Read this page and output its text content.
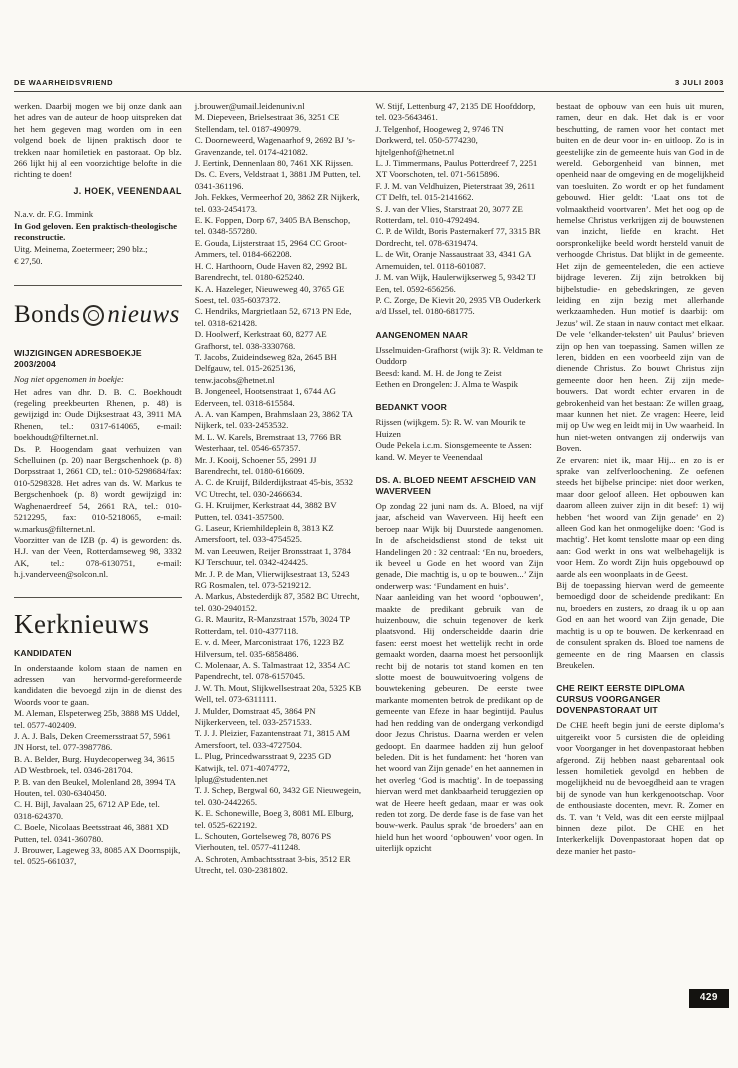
DE WAARHEIDSVRIEND	3 JULI 2003

werken. Daarbij mogen we bij onze dank aan het adres van de auteur de hoop uitspreken dat het hem gegeven mag worden om in een volgend boek de lijnen praktisch door te trekken naar homiletiek en pastoraat. Op blz. 266 lijkt hij al een voorzichtige belofte in die richting te doen!

J. HOEK, VEENENDAAL

N.a.v. dr. F.G. Immink

In God geloven. Een praktisch-theologische reconstructie.

Uitg. Meinema, Zoetermeer; 290 blz.;

€ 27,50.

Bonds nieuws
WIJZIGINGEN ADRESBOEKJE 2003/2004

Nog niet opgenomen in boekje:

Het adres van dhr. D. B. C. Boekhoudt (regeling preekbeurten Rhenen, p. 48) is gewijzigd in: Oude Dijksestraat 43, 3911 MA Rhenen, tel.: 0317-614065, e-mail: boekhoudt@filternet.nl.

Ds. P. Hoogendam gaat verhuizen van Schelluinen (p. 20) naar Bergschenhoek (p. 8) Dorpsstraat 1, 2661 CD, tel.: 010-5298684/fax: 010-5298328. Het adres van ds. W. Markus te Bergschenhoek (p. 8) wordt gewijzigd in: Waghenaerdreef 54, 2661 RA, tel.: 010-5212295, fax: 010-5218065, e-mail: w.markus@filternet.nl.

Voorzitter van de IZB (p. 4) is geworden: ds. H.J. van der Veen, Rotterdamseweg 98, 3332 AK, tel.: 078-6130751, e-mail: h.j.vanderveen@solcon.nl.

Kerknieuws
KANDIDATEN

In onderstaande kolom staan de namen en adressen van hervormd-gereformeerde kandidaten die bevoegd zijn in de dienst des Woords voor te gaan.

M. Aleman, Elspeterweg 25b, 3888 MS Uddel, tel. 0577-402409.

J. A. J. Bals, Deken Creemersstraat 57, 5961 JN Horst, tel. 077-3987786.

B. A. Belder, Burg. Huydecoperweg 34, 3615 AD Westbroek, tel. 0346-281704.

P. B. van den Beukel, Molenland 28, 3994 TA Houten, tel. 030-6340450.

C. H. Bijl, Javalaan 25, 6712 AP Ede, tel. 0318-624370.

C. Boele, Nicolaas Beetsstraat 46, 3881 XD Putten, tel. 0341-360780.

J. Brouwer, Lageweg 33, 8085 AX Doornspijk, tel. 0525-661037,

j.brouwer@umail.leidenuniv.nl

M. Diepeveen, Brielsestraat 36, 3251 CE Stellendam, tel. 0187-490979.

C. Doorneweerd, Wagenaarhof 9, 2692 BJ ’s-Gravenzande, tel. 0174-421082.

J. Eertink, Dennenlaan 80, 7461 XK Rijssen.

Ds. C. Evers, Veldstraat 1, 3881 JM Putten, tel. 0341-361196.

Joh. Fekkes, Vermeerhof 20, 3862 ZR Nijkerk, tel. 033-2454173.

E. K. Foppen, Dorp 67, 3405 BA Benschop, tel. 0348-557280.

E. Gouda, Lijsterstraat 15, 2964 CC Groot-Ammers, tel. 0184-662208.

H. C. Harthoorn, Oude Haven 82, 2992 BL Barendrecht, tel. 0180-625240.

K. A. Hazeleger, Nieuweweg 40, 3765 GE Soest, tel. 035-6037372.

C. Hendriks, Margrietlaan 52, 6713 PN Ede, tel. 0318-621428.

D. Hoolwerf, Kerkstraat 60, 8277 AE Grafhorst, tel. 038-3330768.

T. Jacobs, Zuideindseweg 82a, 2645 BH Delfgauw, tel. 015-2625136, tenw.jacobs@hetnet.nl

B. Jongeneel, Hootsenstraat 1, 6744 AG Ederveen, tel. 0318-615584.

A. A. van Kampen, Brahmslaan 23, 3862 TA Nijkerk, tel. 033-2453532.

M. L. W. Karels, Bremstraat 13, 7766 BR Westerhaar, tel. 0546-657357.

Mr. J. Kooij, Schoener 55, 2991 JJ Barendrecht, tel. 0180-616609.

A. C. de Kruijf, Bilderdijkstraat 45-bis, 3532 VC Utrecht, tel. 030-2466634.

G. H. Kruijmer, Kerkstraat 44, 3882 BV Putten, tel. 0341-357500.

G. Laseur, Kriemhildeplein 8, 3813 KZ Amersfoort, tel. 033-4754525.

M. van Leeuwen, Reijer Bronsstraat 1, 3784 KJ Terschuur, tel. 0342-424425.

Mr. J. P. de Man, Vlierwijksestraat 13, 5243 RG Rosmalen, tel. 073-5219212.

A. Markus, Abstederdijk 87, 3582 BC Utrecht, tel. 030-2940152.

G. R. Mauritz, R-Manzstraat 157b, 3024 TP Rotterdam, tel. 010-4377118.

E. v. d. Meer, Marconistraat 176, 1223 BZ Hilversum, tel. 035-6858486.

C. Molenaar, A. S. Talmastraat 12, 3354 AC Papendrecht, tel. 078-6157045.

J. W. Th. Mout, Slijkwellsestraat 20a, 5325 KB Well, tel. 073-6311111.

J. Mulder, Domstraat 45, 3864 PN Nijkerkerveen, tel. 033-2571533.

T. J. J. Pleizier, Fazantenstraat 71, 3815 AM Amersfoort, tel. 033-4727504.

L. Plug, Princedwarsstraat 9, 2235 GD Katwijk, tel. 071-4074772, lplug@studenten.net

T. J. Schep, Bergwal 60, 3432 GE Nieuwegein, tel. 030-2442265.

K. E. Schonewille, Boeg 3, 8081 ML Elburg, tel. 0525-622192.

L. Schouten, Gortelseweg 78, 8076 PS Vierhouten, tel. 0577-411248.

A. Schroten, Ambachtsstraat 3-bis, 3512 ER Utrecht, tel. 030-2381802.

W. Stijf, Lettenburg 47, 2135 DE Hoofddorp, tel. 023-5643461.

J. Telgenhof, Hoogeweg 2, 9746 TN Dorkwerd, tel. 050-5774230, hjtelgenhof@hetnet.nl

L. J. Timmermans, Paulus Potterdreef 7, 2251 XT Voorschoten, tel. 071-5615896.

F. J. M. van Veldhuizen, Pieterstraat 39, 2611 CT Delft, tel. 015-2141662.

S. J. van der Vlies, Starstraat 20, 3077 ZE Rotterdam, tel. 010-4792494.

C. P. de Wildt, Boris Pasternakerf 77, 3315 BR Dordrecht, tel. 078-6319474.

L. de Wit, Oranje Nassaustraat 33, 4341 GA Arnemuiden, tel. 0118-601087.

J. M. van Wijk, Haulerwijkserweg 5, 9342 TJ Een, tel. 0592-656256.

P. C. Zorge, De Kievit 20, 2935 VB Ouderkerk a/d IJssel, tel. 0180-681775.

AANGENOMEN NAAR

IJsselmuiden-Grafhorst (wijk 3): R. Veldman te Ouddorp

Beesd: kand. M. H. de Jong te Zeist

Eethen en Drongelen: J. Alma te Waspik

BEDANKT VOOR

Rijssen (wijkgem. 5): R. W. van Mourik te Huizen

Oude Pekela i.c.m. Sionsgemeente te Assen: kand. W. Meyer te Veenendaal

DS. A. BLOED NEEMT AFSCHEID VAN WAVERVEEN

Op zondag 22 juni nam ds. A. Bloed, na vijf jaar, afscheid van Waverveen. Hij heeft een beroep naar Wijk bij Duurstede aangenomen. In de afscheidsdienst stond de tekst uit Handelingen 20 : 32 centraal: ‘En nu, broeders, ik beveel u Gode en het woord van Zijn genade, Die machtig is, u op te bouwen...’ Zijn onderwerp was: ‘Fundament en huis’.

Naar aanleiding van het woord ‘opbouwen’, maakte de predikant gebruik van de huizenbouw, die schuin tegenover de kerk plaatsvond. Hij onderscheidde daarin drie fasen: eerst moest het wettelijk recht in orde gemaakt worden, daarna moest het persoonlijk recht bij de notaris tot stand komen en ten slotte moest de bouwuitvoering volgens de bouwtekening gebeuren. De eerste twee markante momenten betrok de predikant op de gemeente van Efeze in haar begintijd. Paulus had hen redding van de ondergang verkondigd door Jezus Christus. Daarna werden er velen gedoopt. En daarmee hadden zij hun geloof beleden. Dit is het fundament: het ‘horen van het woord van Zijn genade’ en het aannemen in het overleg ‘God is machtig’. In de toepassing hiervan werd met dankbaarheid teruggezien op wat de Heere heeft gedaan, maar er was ook reden tot zorg. De derde fase is de fase van het bouw-werk. Paulus sprak ‘de broeders’ aan en hield hun het woord ‘opbouwen’ voor ogen. In uiterlijk opzicht

bestaat de opbouw van een huis uit muren, ramen, deur en dak. Het dak is er voor beschutting, de ramen voor het contact met buiten en de deur voor in- en uitloop. Zo is in geestelijke zin de gemeente huis van God in de wereld. Geborgenheid van binnen, met openheid naar de omgeving en de mogelijkheid van toesluiten. Zo wordt er op het fundament gebouwd. Hier geldt: ‘Laat ons tot de volmaaktheid voortvaren’. Met het oog op de hemelse Christus verkrijgen zij de bouwstenen van inzicht, liefde en kracht. Het oorspronkelijke beeld wordt hersteld vanuit de verhoogde Christus. Dat blijkt in de gemeente. Het zijn de gemeenteleden, die een actieve bijdrage leveren. Zij zijn betrokken bij bijbelstudie- en gebedskringen, ze geven leiding en zijn bezig met allerhande werkzaamheden. Hun motief is daarbij: om Jezus’ wil. Ze staan in nauw contact met elkaar. De vele ‘elkander-teksten’ uit Paulus’ brieven zijn op hen van toepassing. Samen willen ze leren, bidden en een voorbeeld zijn van de dienende Christus. Zo bouwt Christus zijn gemeente door hen heen. Zij zijn mede-bouwers. Dat wordt echter ervaren in de gebrokenheid van het bestaan: Ze willen graag, maar kunnen het niet. Ze vragen: Heere, leid mij op Uw weg en leidt mij in Uw waarheid. In hun niet-weten ontvangen zij onderwijs van Boven.

Ze ervaren: niet ik, maar Hij... en zo is er sprake van zelfverloochening. Ze oefenen steeds het bijbelse principe: niet door werken, maar door geloof alleen. Het opbouwen kan daarom alleen zuiver zijn in dit besef: 1) wij hebben ‘het woord van Zijn genade’ en 2) alleen God kan het onmogelijke doen: ‘God is machtig’. Het komt tenslotte maar op een ding aan: God werkt in ons wat welbehagelijk is voor Hem. Zo wordt Zijn huis opgebouwd op aarde als een woonplaats in de Geest.

Bij de toepassing hiervan werd de gemeente bemoedigd door de scheidende predikant: En nu, broeders en zusters, zo draag ik u op aan God en aan het woord van Zijn genade, Die machtig is u op te bouwen. De kerkenraad en de consulent spraken ds. Bloed toe namens de gemeente en de ring Maarsen en classis Breukelen.

CHE REIKT EERSTE DIPLOMA CURSUS VOORGANGER DOVENPASTORAAT UIT

De CHE heeft begin juni de eerste diploma’s uitgereikt voor 5 cursisten die de opleiding voor Voorganger in het dovenpastoraat hebben afgerond. Zij hebben naast gebarentaal ook lessen homiletiek gevolgd en hebben de mogelijkheid nu de bevoegdheid aan te vragen bij de synode van hun kerkgenootschap. Voor de enthousiaste docenten, mevr. R. Zomer en ds. T. van ’t Veld, was dit een eerste mijlpaal binnen deze pilot. De CHE en het Interkerkelijk Dovenpastoraat hopen dat op deze manier het pasto-

429
